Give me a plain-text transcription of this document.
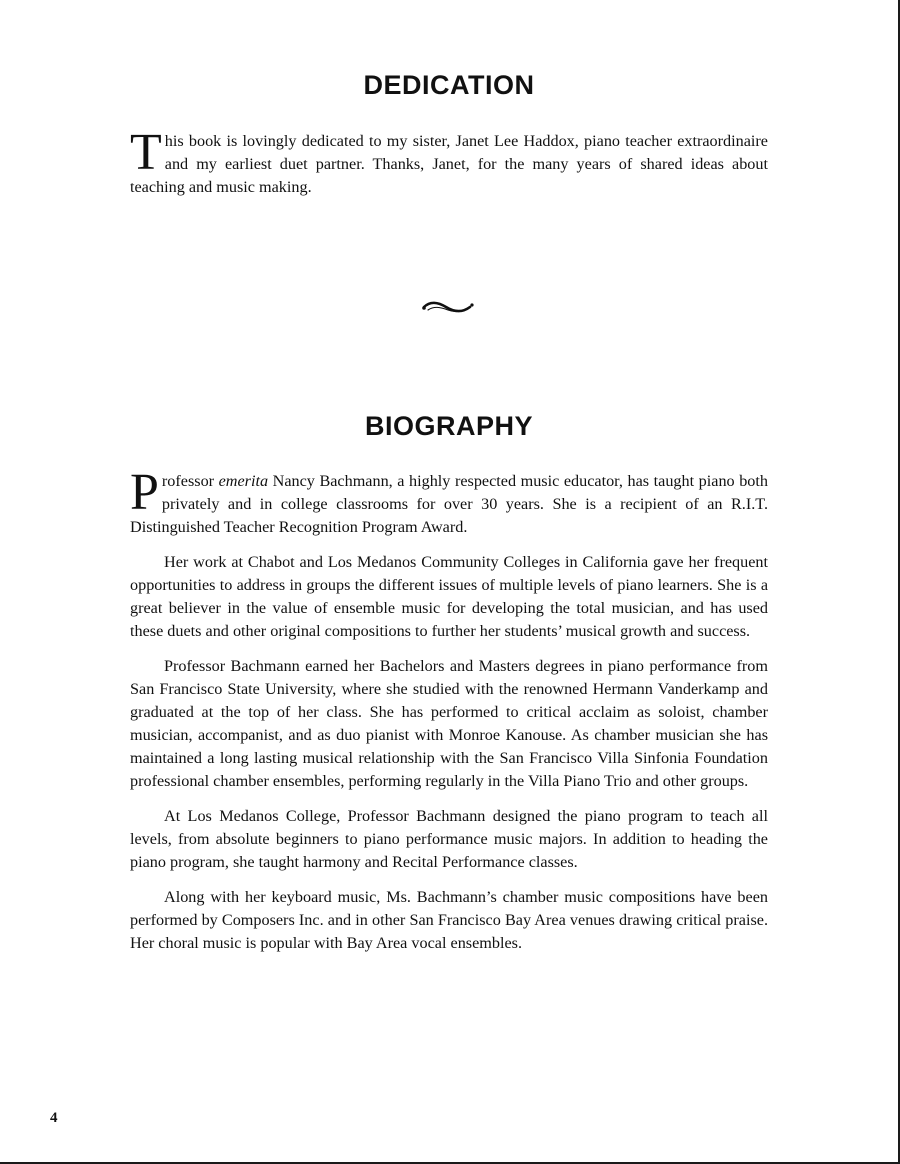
DEDICATION

This book is lovingly dedicated to my sister, Janet Lee Haddox, piano teacher extraordinaire and my earliest duet partner. Thanks, Janet, for the many years of shared ideas about teaching and music making.

BIOGRAPHY

Professor emerita Nancy Bachmann, a highly respected music educator, has taught piano both privately and in college classrooms for over 30 years. She is a recipient of an R.I.T. Distinguished Teacher Recognition Program Award.

Her work at Chabot and Los Medanos Community Colleges in California gave her frequent opportunities to address in groups the different issues of multiple levels of piano learners. She is a great believer in the value of ensemble music for developing the total musician, and has used these duets and other original compositions to further her students’ musical growth and success.

Professor Bachmann earned her Bachelors and Masters degrees in piano performance from San Francisco State University, where she studied with the renowned Hermann Vanderkamp and graduated at the top of her class. She has performed to critical acclaim as soloist, chamber musician, accompanist, and as duo pianist with Monroe Kanouse. As chamber musician she has maintained a long lasting musical relationship with the San Francisco Villa Sinfonia Foundation professional chamber ensembles, performing regularly in the Villa Piano Trio and other groups.

At Los Medanos College, Professor Bachmann designed the piano program to teach all levels, from absolute beginners to piano performance music majors. In addition to heading the piano program, she taught harmony and Recital Performance classes.

Along with her keyboard music, Ms. Bachmann’s chamber music compositions have been performed by Composers Inc. and in other San Francisco Bay Area venues drawing critical praise. Her choral music is popular with Bay Area vocal ensembles.

4
